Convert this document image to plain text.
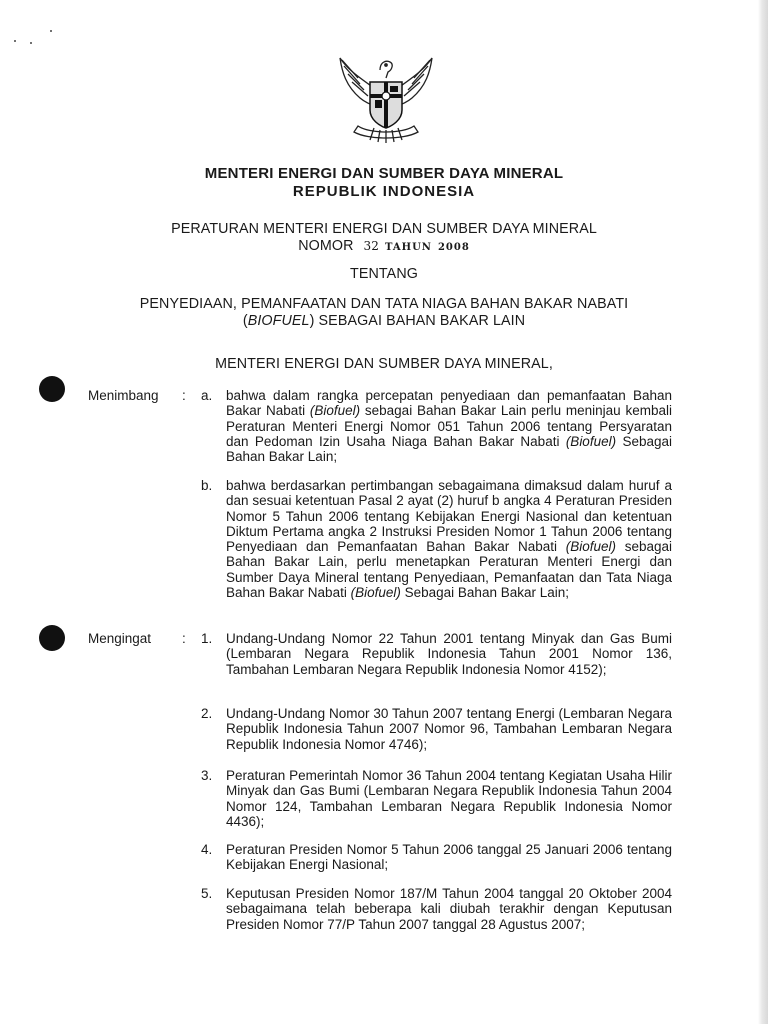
MENTERI ENERGI DAN SUMBER DAYA MINERAL
REPUBLIK INDONESIA
PERATURAN MENTERI ENERGI DAN SUMBER DAYA MINERAL
NOMOR 32 TAHUN 2008
TENTANG
PENYEDIAAN, PEMANFAATAN DAN TATA NIAGA BAHAN BAKAR NABATI
(BIOFUEL) SEBAGAI BAHAN BAKAR LAIN
MENTERI ENERGI DAN SUMBER DAYA MINERAL,
Menimbang : a. bahwa dalam rangka percepatan penyediaan dan pemanfaatan Bahan Bakar Nabati (Biofuel) sebagai Bahan Bakar Lain perlu meninjau kembali Peraturan Menteri Energi Nomor 051 Tahun 2006 tentang Persyaratan dan Pedoman Izin Usaha Niaga Bahan Bakar Nabati (Biofuel) Sebagai Bahan Bakar Lain;
b. bahwa berdasarkan pertimbangan sebagaimana dimaksud dalam huruf a dan sesuai ketentuan Pasal 2 ayat (2) huruf b angka 4 Peraturan Presiden Nomor 5 Tahun 2006 tentang Kebijakan Energi Nasional dan ketentuan Diktum Pertama angka 2 Instruksi Presiden Nomor 1 Tahun 2006 tentang Penyediaan dan Pemanfaatan Bahan Bakar Nabati (Biofuel) sebagai Bahan Bakar Lain, perlu menetapkan Peraturan Menteri Energi dan Sumber Daya Mineral tentang Penyediaan, Pemanfaatan dan Tata Niaga Bahan Bakar Nabati (Biofuel) Sebagai Bahan Bakar Lain;
Mengingat : 1. Undang-Undang Nomor 22 Tahun 2001 tentang Minyak dan Gas Bumi (Lembaran Negara Republik Indonesia Tahun 2001 Nomor 136, Tambahan Lembaran Negara Republik Indonesia Nomor 4152);
2. Undang-Undang Nomor 30 Tahun 2007 tentang Energi (Lembaran Negara Republik Indonesia Tahun 2007 Nomor 96, Tambahan Lembaran Negara Republik Indonesia Nomor 4746);
3. Peraturan Pemerintah Nomor 36 Tahun 2004 tentang Kegiatan Usaha Hilir Minyak dan Gas Bumi (Lembaran Negara Republik Indonesia Tahun 2004 Nomor 124, Tambahan Lembaran Negara Republik Indonesia Nomor 4436);
4. Peraturan Presiden Nomor 5 Tahun 2006 tanggal 25 Januari 2006 tentang Kebijakan Energi Nasional;
5. Keputusan Presiden Nomor 187/M Tahun 2004 tanggal 20 Oktober 2004 sebagaimana telah beberapa kali diubah terakhir dengan Keputusan Presiden Nomor 77/P Tahun 2007 tanggal 28 Agustus 2007;
